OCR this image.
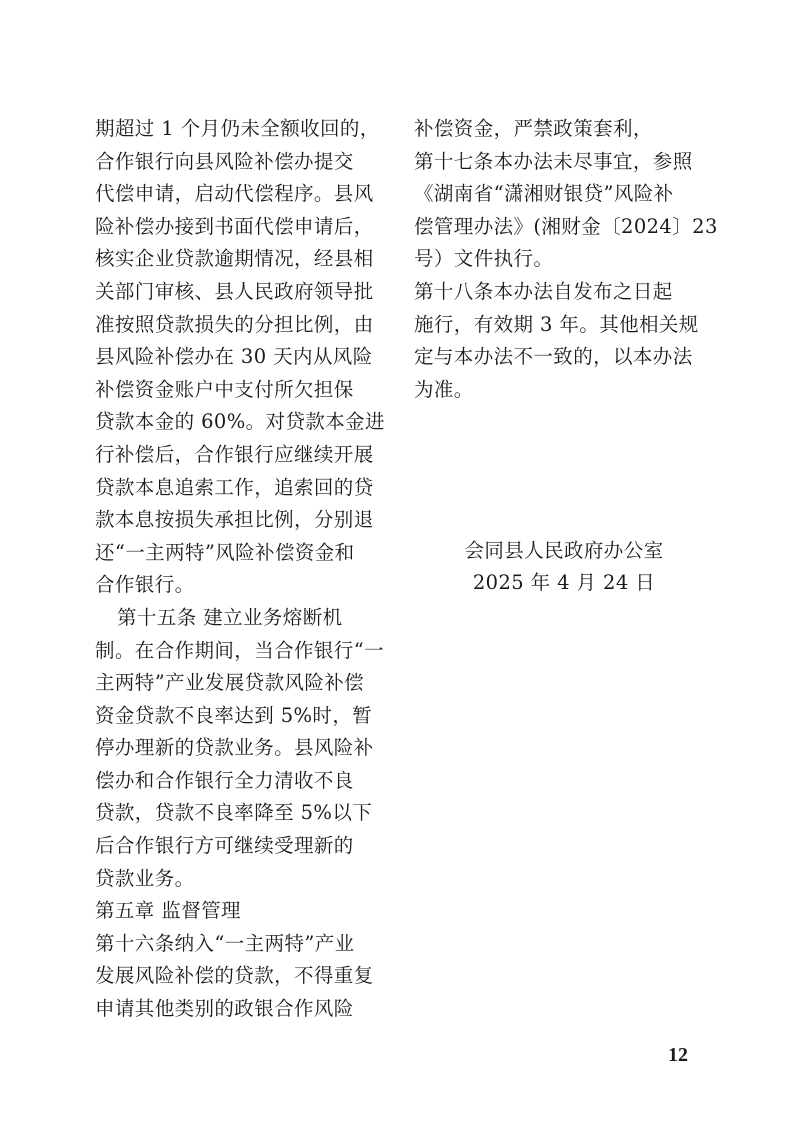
期超过 1 个月仍未全额收回的，
合作银行向县风险补偿办提交
代偿申请，启动代偿程序。县风
险补偿办接到书面代偿申请后，
核实企业贷款逾期情况，经县相
关部门审核、县人民政府领导批
准按照贷款损失的分担比例，由
县风险补偿办在 30 天内从风险
补偿资金账户中支付所欠担保
贷款本金的 60%。对贷款本金进
行补偿后，合作银行应继续开展
贷款本息追索工作，追索回的贷
款本息按损失承担比例，分别退
还“一主两特”风险补偿资金和
合作银行。
第十五条 建立业务熔断机
制。在合作期间，当合作银行“一
主两特”产业发展贷款风险补偿
资金贷款不良率达到 5%时，暂
停办理新的贷款业务。县风险补
偿办和合作银行全力清收不良
贷款，贷款不良率降至 5%以下
后合作银行方可继续受理新的
贷款业务。
第五章 监督管理
第十六条纳入“一主两特”产业
发展风险补偿的贷款，不得重复
申请其他类别的政银合作风险
补偿资金，严禁政策套利，
第十七条本办法未尽事宜，参照
《湖南省“潇湘财银贷”风险补
偿管理办法》(湘财金〔2024〕23
号）文件执行。
第十八条本办法自发布之日起
施行，有效期 3 年。其他相关规
定与本办法不一致的，以本办法
为准。
会同县人民政府办公室
2025 年 4 月 24 日
12
